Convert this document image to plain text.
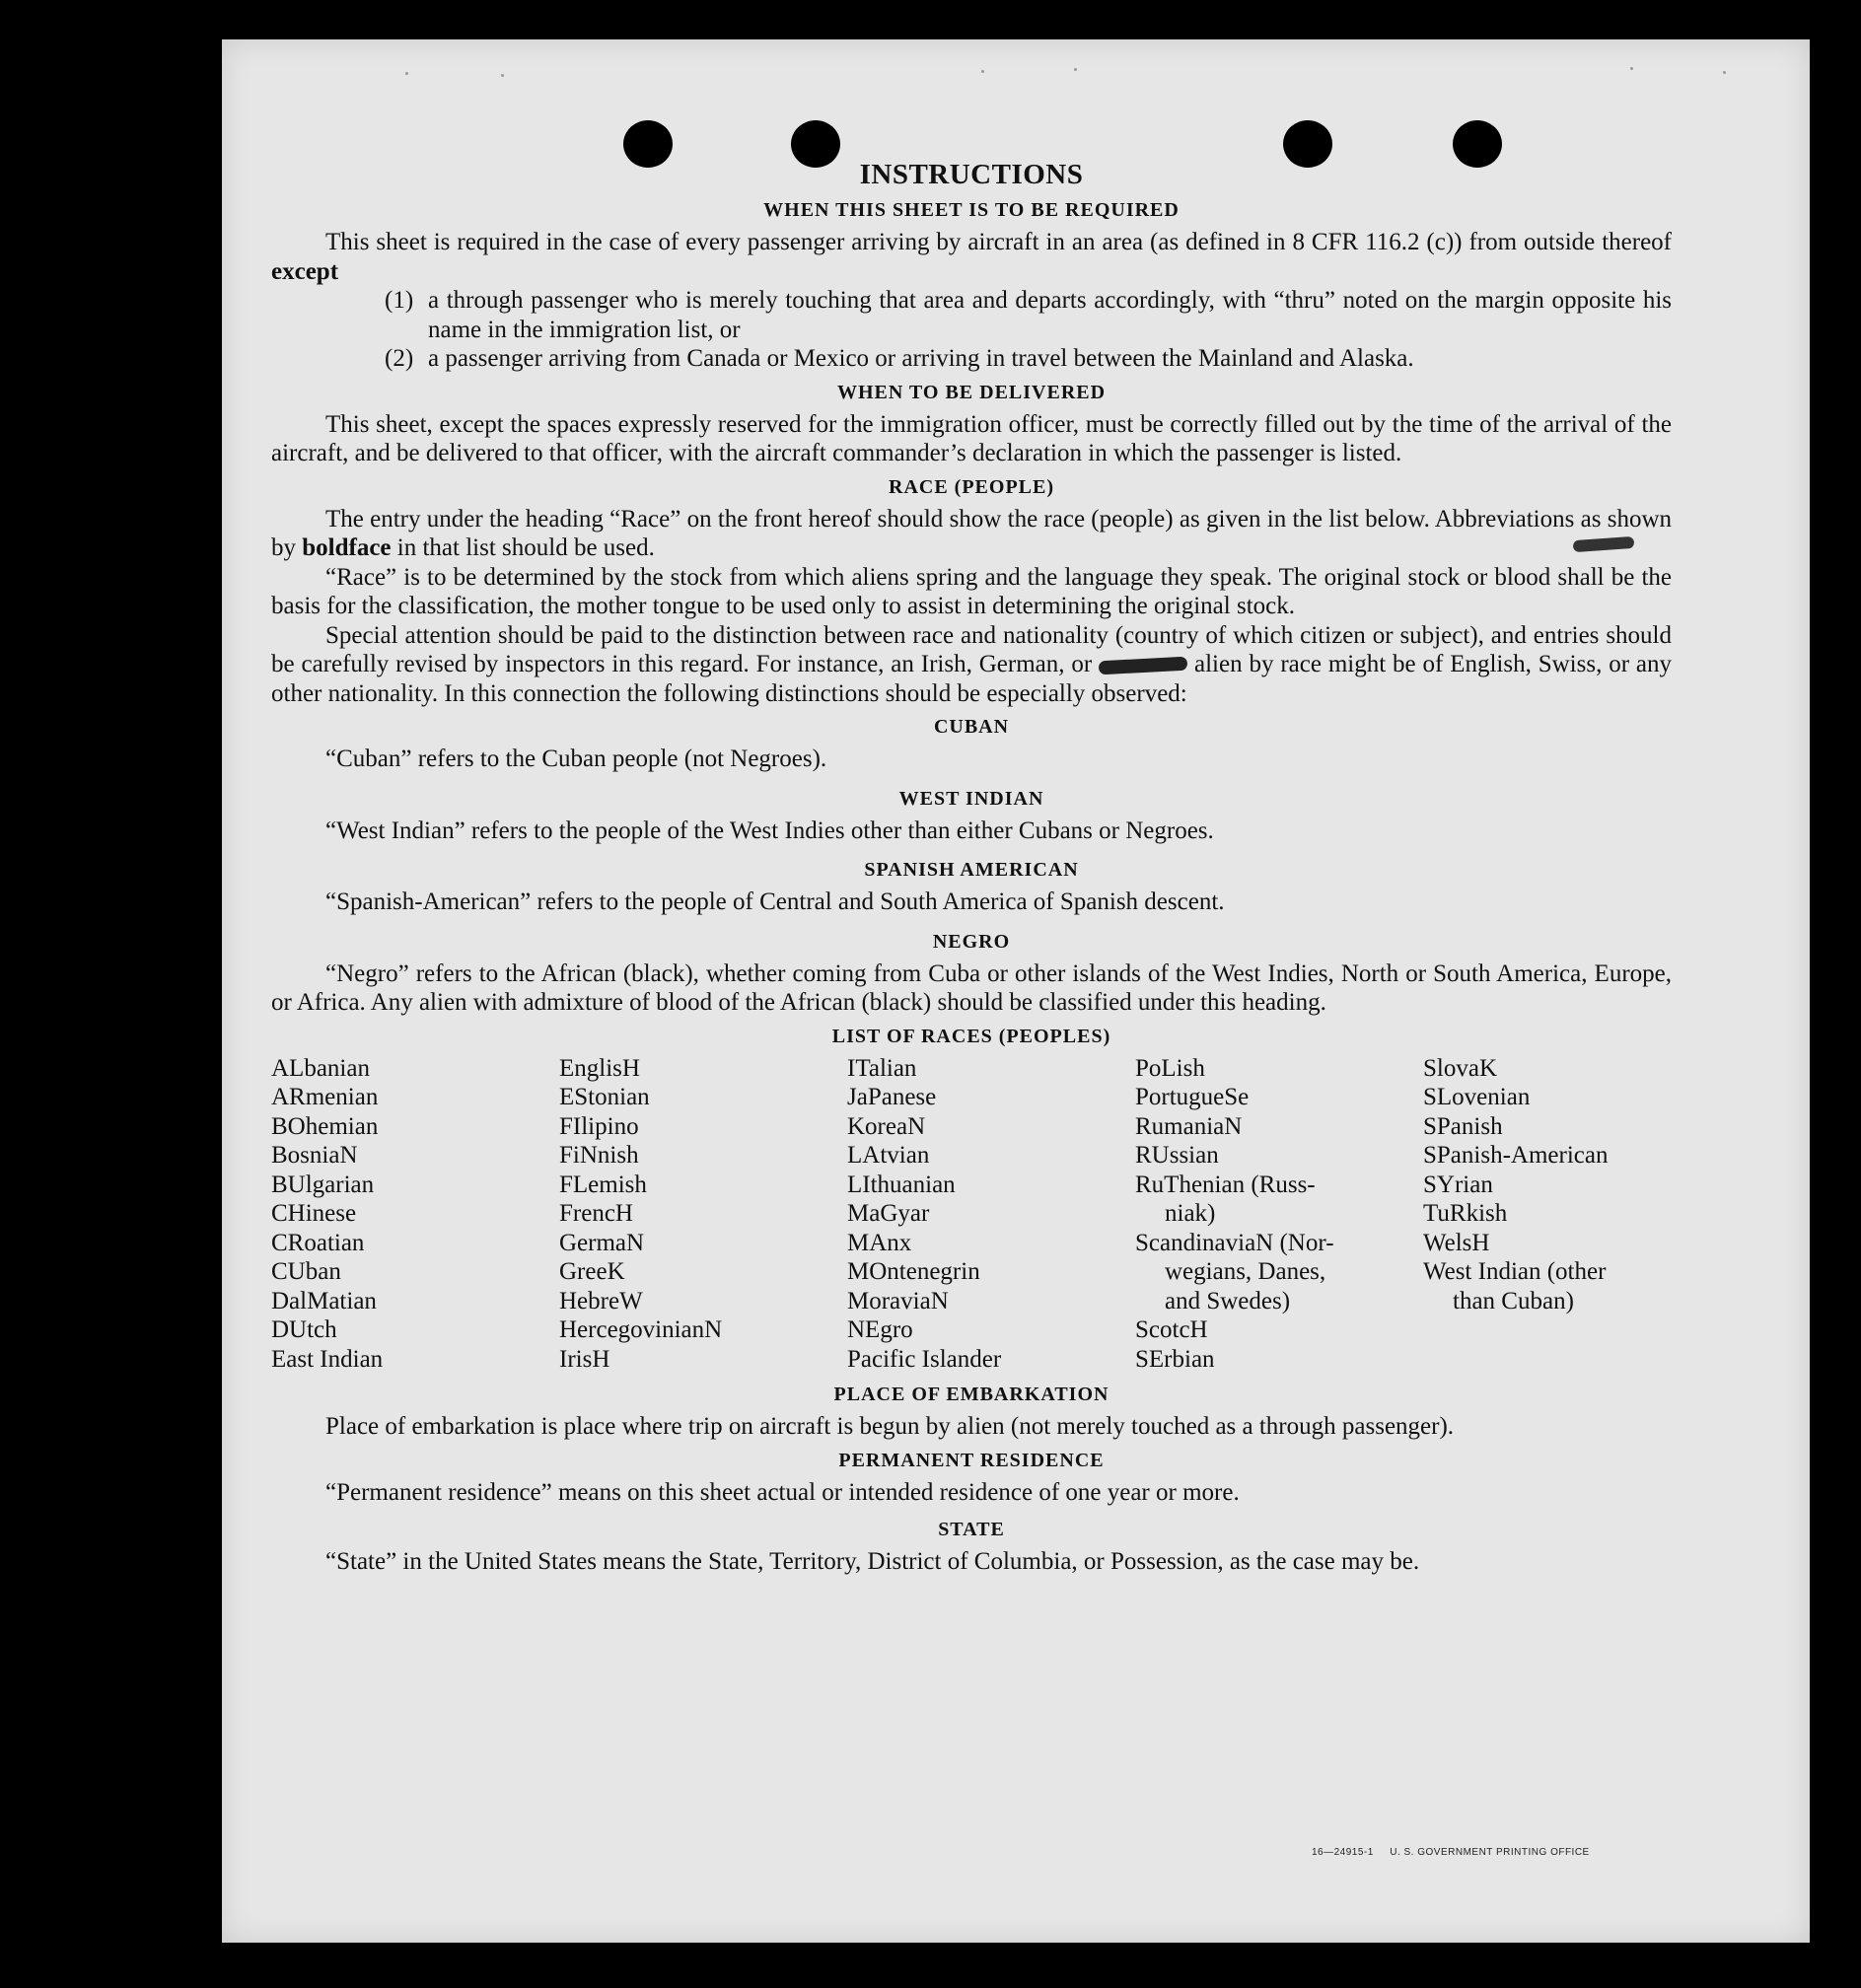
INSTRUCTIONS
WHEN THIS SHEET IS TO BE REQUIRED

This sheet is required in the case of every passenger arriving by aircraft in an area (as defined in 8 CFR 116.2 (c)) from outside thereof except

(1) a through passenger who is merely touching that area and departs accordingly, with “thru” noted on the margin opposite his name in the immigration list, or
(2) a passenger arriving from Canada or Mexico or arriving in travel between the Mainland and Alaska.
WHEN TO BE DELIVERED

This sheet, except the spaces expressly reserved for the immigration officer, must be correctly filled out by the time of the arrival of the aircraft, and be delivered to that officer, with the aircraft commander’s declaration in which the passenger is listed.

RACE (PEOPLE)

The entry under the heading “Race” on the front hereof should show the race (people) as given in the list below. Abbreviations as shown by boldface in that list should be used.

“Race” is to be determined by the stock from which aliens spring and the language they speak. The original stock or blood shall be the basis for the classification, the mother tongue to be used only to assist in determining the original stock.

Special attention should be paid to the distinction between race and nationality (country of which citizen or subject), and entries should be carefully revised by inspectors in this regard. For instance, an Irish, German, or	alien by race might be of English, Swiss, or any other nationality. In this connection the following distinctions should be especially observed:

CUBAN

“Cuban” refers to the Cuban people (not Negroes).

WEST INDIAN

“West Indian” refers to the people of the West Indies other than either Cubans or Negroes.

SPANISH AMERICAN

“Spanish-American” refers to the people of Central and South America of Spanish descent.

NEGRO

“Negro” refers to the African (black), whether coming from Cuba or other islands of the West Indies, North or South America, Europe, or Africa. Any alien with admixture of blood of the African (black) should be classified under this heading.

LIST OF RACES (PEOPLES)
ALbanian
ARmenian
BOhemian
BosniaN
BUlgarian
CHinese
CRoatian
CUban
DalMatian
DUtch
East Indian
EnglisH
EStonian
FIlipino
FiNnish
FLemish
FrencH
GermaN
GreeK
HebreW
HercegovinianN
IrisH
ITalian
JaPanese
KoreaN
LAtvian
LIthuanian
MaGyar
MAnx
MOntenegrin
MoraviaN
NEgro
Pacific Islander
PoLish
PortugueSe
RumaniaN
RUssian
RuThenian (Russ-
niak)
ScandinaviaN (Nor-
wegians, Danes,
and Swedes)
ScotcH
SErbian
SlovaK
SLovenian
SPanish
SPanish-American
SYrian
TuRkish
WelsH
West Indian (other
than Cuban)
PLACE OF EMBARKATION

Place of embarkation is place where trip on aircraft is begun by alien (not merely touched as a through passenger).

PERMANENT RESIDENCE

“Permanent residence” means on this sheet actual or intended residence of one year or more.

STATE

“State” in the United States means the State, Territory, District of Columbia, or Possession, as the case may be.

16—24915-1 U. S. GOVERNMENT PRINTING OFFICE
